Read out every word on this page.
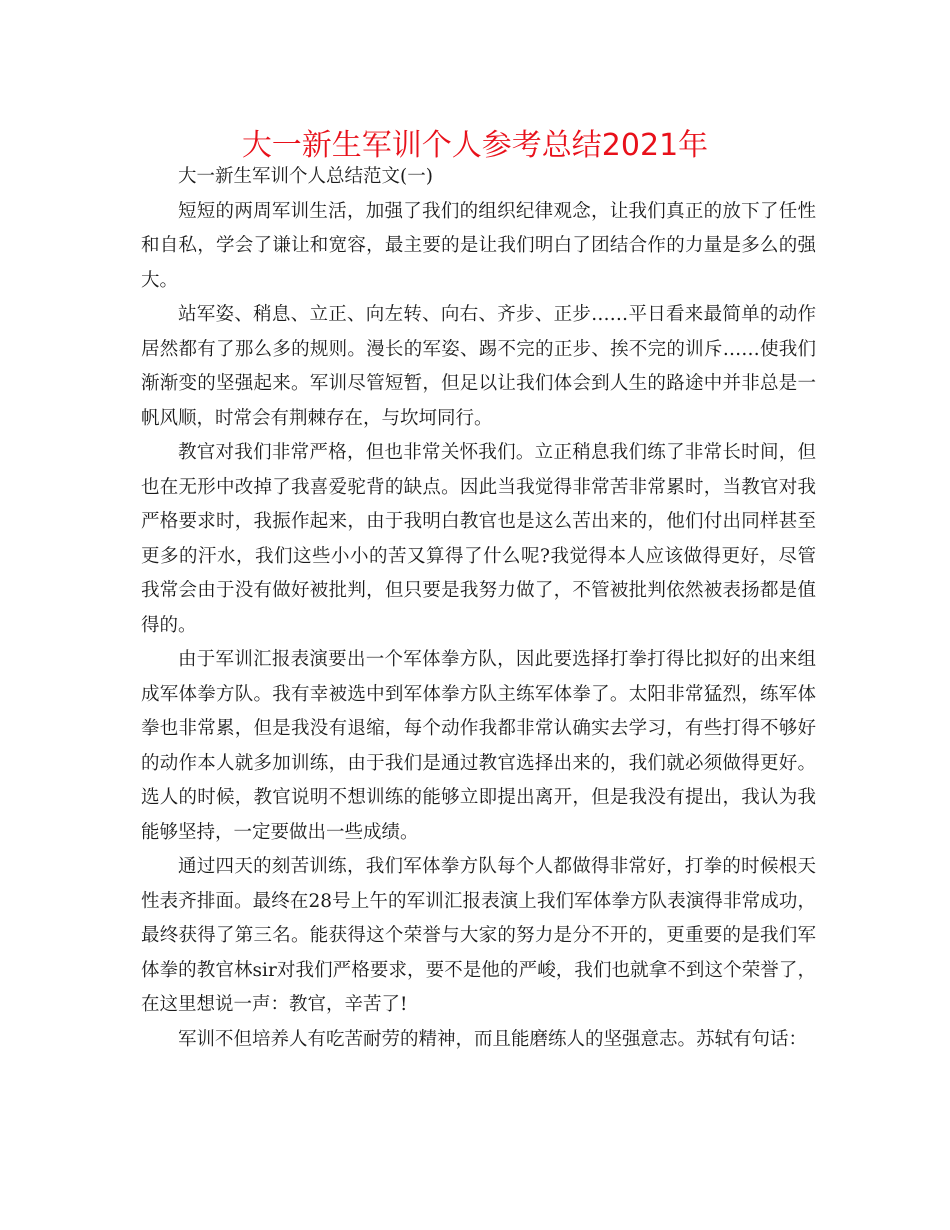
大一新生军训个人参考总结2021年

大一新生军训个人总结范文(一)

短短的两周军训生活，加强了我们的组织纪律观念，让我们真正的放下了任性和自私，学会了谦让和宽容，最主要的是让我们明白了团结合作的力量是多么的强大。

站军姿、稍息、立正、向左转、向右、齐步、正步……平日看来最简单的动作居然都有了那么多的规则。漫长的军姿、踢不完的正步、挨不完的训斥……使我们渐渐变的坚强起来。军训尽管短暂，但足以让我们体会到人生的路途中并非总是一帆风顺，时常会有荆棘存在，与坎坷同行。

教官对我们非常严格，但也非常关怀我们。立正稍息我们练了非常长时间，但也在无形中改掉了我喜爱驼背的缺点。因此当我觉得非常苦非常累时，当教官对我严格要求时，我振作起来，由于我明白教官也是这么苦出来的，他们付出同样甚至更多的汗水，我们这些小小的苦又算得了什么呢?我觉得本人应该做得更好，尽管我常会由于没有做好被批判，但只要是我努力做了，不管被批判依然被表扬都是值得的。

由于军训汇报表演要出一个军体拳方队，因此要选择打拳打得比拟好的出来组成军体拳方队。我有幸被选中到军体拳方队主练军体拳了。太阳非常猛烈，练军体拳也非常累，但是我没有退缩，每个动作我都非常认确实去学习，有些打得不够好的动作本人就多加训练，由于我们是通过教官选择出来的，我们就必须做得更好。选人的时候，教官说明不想训练的能够立即提出离开，但是我没有提出，我认为我能够坚持，一定要做出一些成绩。

通过四天的刻苦训练，我们军体拳方队每个人都做得非常好，打拳的时候根天性表齐排面。最终在28号上午的军训汇报表演上我们军体拳方队表演得非常成功，最终获得了第三名。能获得这个荣誉与大家的努力是分不开的，更重要的是我们军体拳的教官林sir对我们严格要求，要不是他的严峻，我们也就拿不到这个荣誉了，在这里想说一声：教官，辛苦了!

军训不但培养人有吃苦耐劳的精神，而且能磨练人的坚强意志。苏轼有句话：
